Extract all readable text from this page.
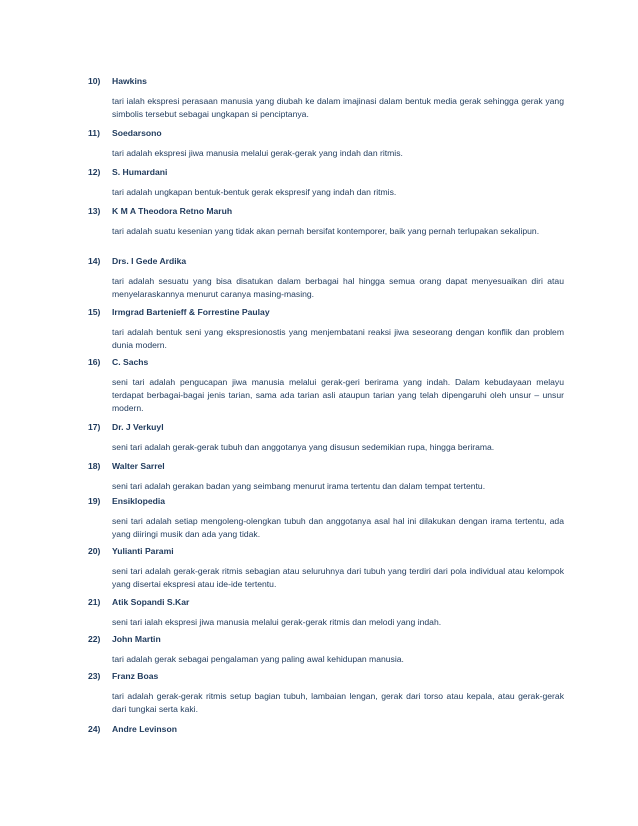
10) Hawkins
tari ialah ekspresi perasaan manusia yang diubah ke dalam imajinasi dalam bentuk media gerak sehingga gerak yang simbolis tersebut sebagai ungkapan si penciptanya.
11) Soedarsono
tari adalah ekspresi jiwa manusia melalui gerak-gerak yang indah dan ritmis.
12) S. Humardani
tari adalah ungkapan bentuk-bentuk gerak ekspresif yang indah dan ritmis.
13) K M A Theodora Retno Maruh
tari adalah suatu kesenian yang tidak akan pernah bersifat kontemporer, baik yang pernah terlupakan sekalipun.
14) Drs. I Gede Ardika
tari adalah sesuatu yang bisa disatukan dalam berbagai hal hingga semua orang dapat menyesuaikan diri atau menyelaraskannya menurut caranya masing-masing.
15) Irmgrad Bartenieff & Forrestine Paulay
tari adalah bentuk seni yang ekspresionostis yang menjembatani reaksi jiwa seseorang dengan konflik dan problem dunia modern.
16) C. Sachs
seni tari adalah pengucapan jiwa manusia melalui gerak-geri berirama yang indah. Dalam kebudayaan melayu terdapat berbagai-bagai jenis tarian, sama ada tarian asli ataupun tarian yang telah dipengaruhi oleh unsur – unsur modern.
17) Dr. J Verkuyl
seni tari adalah gerak-gerak tubuh dan anggotanya yang disusun sedemikian rupa, hingga berirama.
18) Walter Sarrel
seni tari adalah gerakan badan yang seimbang menurut irama tertentu dan dalam tempat tertentu.
19) Ensiklopedia
seni tari adalah setiap mengoleng-olengkan tubuh dan anggotanya asal hal ini dilakukan dengan irama tertentu, ada yang diiringi musik dan ada yang tidak.
20) Yulianti Parami
seni tari adalah gerak-gerak ritmis sebagian atau seluruhnya dari tubuh yang terdiri dari pola individual atau kelompok yang disertai ekspresi atau ide-ide tertentu.
21) Atik Sopandi S.Kar
seni tari ialah ekspresi jiwa manusia melalui gerak-gerak ritmis dan melodi yang indah.
22) John Martin
tari adalah gerak sebagai pengalaman yang paling awal kehidupan manusia.
23) Franz Boas
tari adalah gerak-gerak ritmis setup bagian tubuh, lambaian lengan, gerak dari torso atau kepala, atau gerak-gerak dari tungkai serta kaki.
24) Andre Levinson
